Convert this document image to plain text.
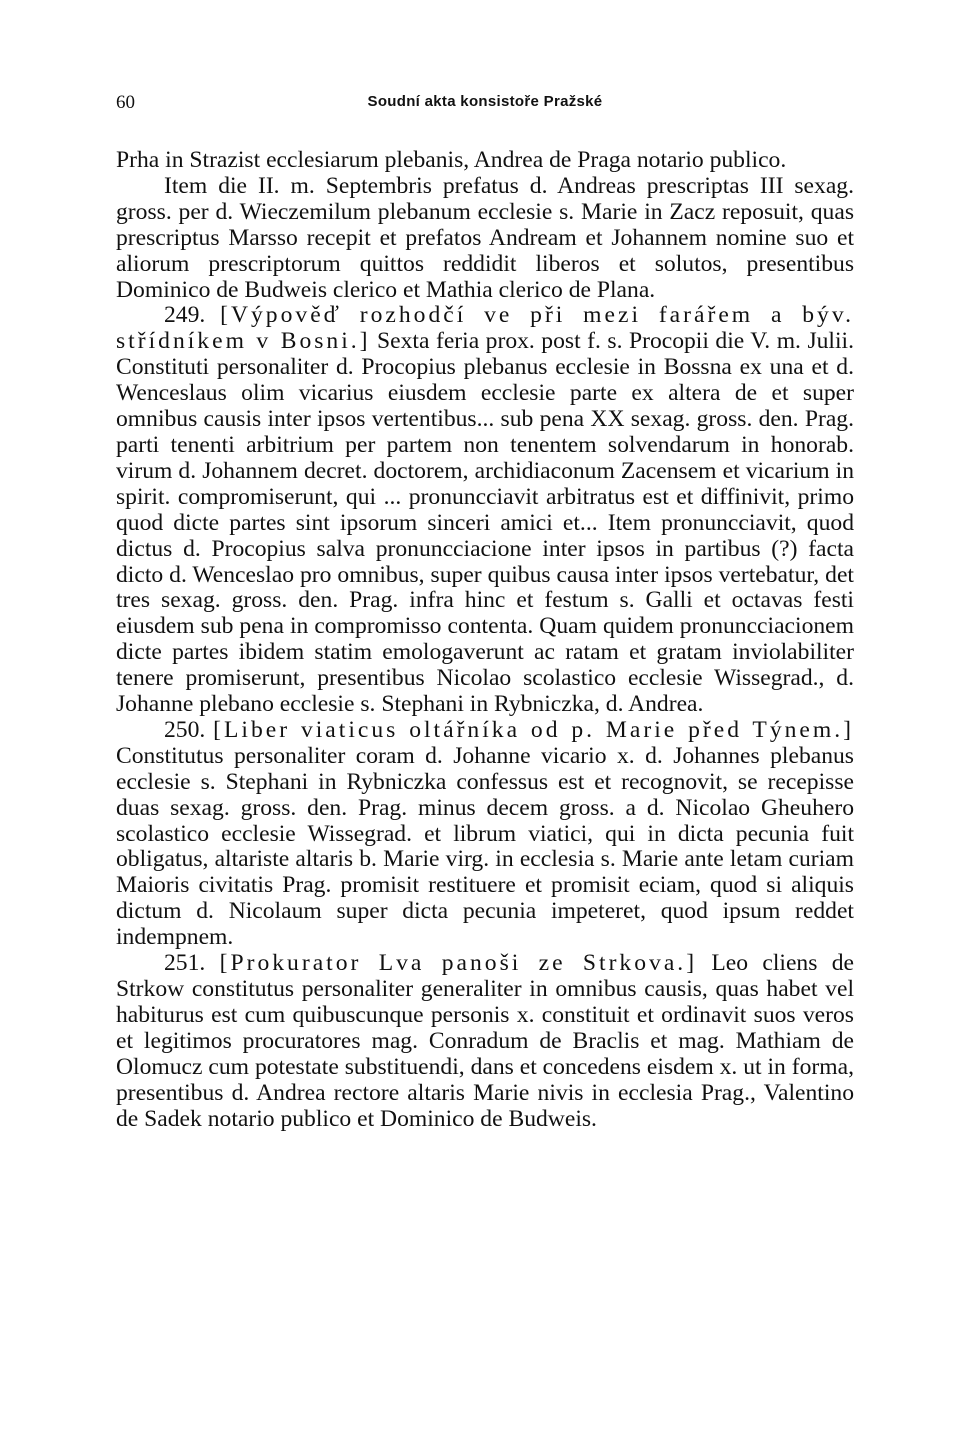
60	Soudní akta konsistoře Pražské

Prha in Strazist ecclesiarum plebanis, Andrea de Praga notario publico.

Item die II. m. Septembris prefatus d. Andreas prescriptas III sexag. gross. per d. Wieczemilum plebanum ecclesie s. Marie in Zacz reposuit, quas prescriptus Marsso recepit et prefatos Andream et Johannem nomine suo et aliorum prescriptorum quittos reddidit liberos et solutos, presentibus Dominico de Budweis clerico et Mathia clerico de Plana.

249. [Výpověď rozhodčí ve při mezi farářem a býv. střídníkem v Bosni.] Sexta feria prox. post f. s. Procopii die V. m. Julii. Constituti personaliter d. Procopius plebanus ecclesie in Bossna ex una et d. Wenceslaus olim vicarius eiusdem ecclesie parte ex altera de et super omnibus causis inter ipsos vertentibus... sub pena XX sexag. gross. den. Prag. parti tenenti arbitrium per partem non tenentem solvendarum in honorab. virum d. Johannem decret. doctorem, archidiaconum Zacensem et vicarium in spirit. compromiserunt, qui ... pronuncciavit arbitratus est et diffinivit, primo quod dicte partes sint ipsorum sinceri amici et... Item pronuncciavit, quod dictus d. Procopius salva pronuncciacione inter ipsos in partibus (?) facta dicto d. Wenceslao pro omnibus, super quibus causa inter ipsos vertebatur, det tres sexag. gross. den. Prag. infra hinc et festum s. Galli et octavas festi eiusdem sub pena in compromisso contenta. Quam quidem pronuncciacionem dicte partes ibidem statim emologaverunt ac ratam et gratam inviolabiliter tenere promiserunt, presentibus Nicolao scolastico ecclesie Wissegrad., d. Johanne plebano ecclesie s. Stephani in Rybniczka, d. Andrea.

250. [Liber viaticus oltářníka od p. Marie před Týnem.] Constitutus personaliter coram d. Johanne vicario x. d. Johannes plebanus ecclesie s. Stephani in Rybniczka confessus est et recognovit, se recepisse duas sexag. gross. den. Prag. minus decem gross. a d. Nicolao Gheuhero scolastico ecclesie Wissegrad. et librum viatici, qui in dicta pecunia fuit obligatus, altariste altaris b. Marie virg. in ecclesia s. Marie ante letam curiam Maioris civitatis Prag. promisit restituere et promisit eciam, quod si aliquis dictum d. Nicolaum super dicta pecunia impeteret, quod ipsum reddet indempnem.

251. [Prokurator Lva panoši ze Strkova.] Leo cliens de Strkow constitutus personaliter generaliter in omnibus causis, quas habet vel habiturus est cum quibuscunque personis x. constituit et ordinavit suos veros et legitimos procuratores mag. Conradum de Braclis et mag. Mathiam de Olomucz cum potestate substituendi, dans et concedens eisdem x. ut in forma, presentibus d. Andrea rectore altaris Marie nivis in ecclesia Prag., Valentino de Sadek notario publico et Dominico de Budweis.
